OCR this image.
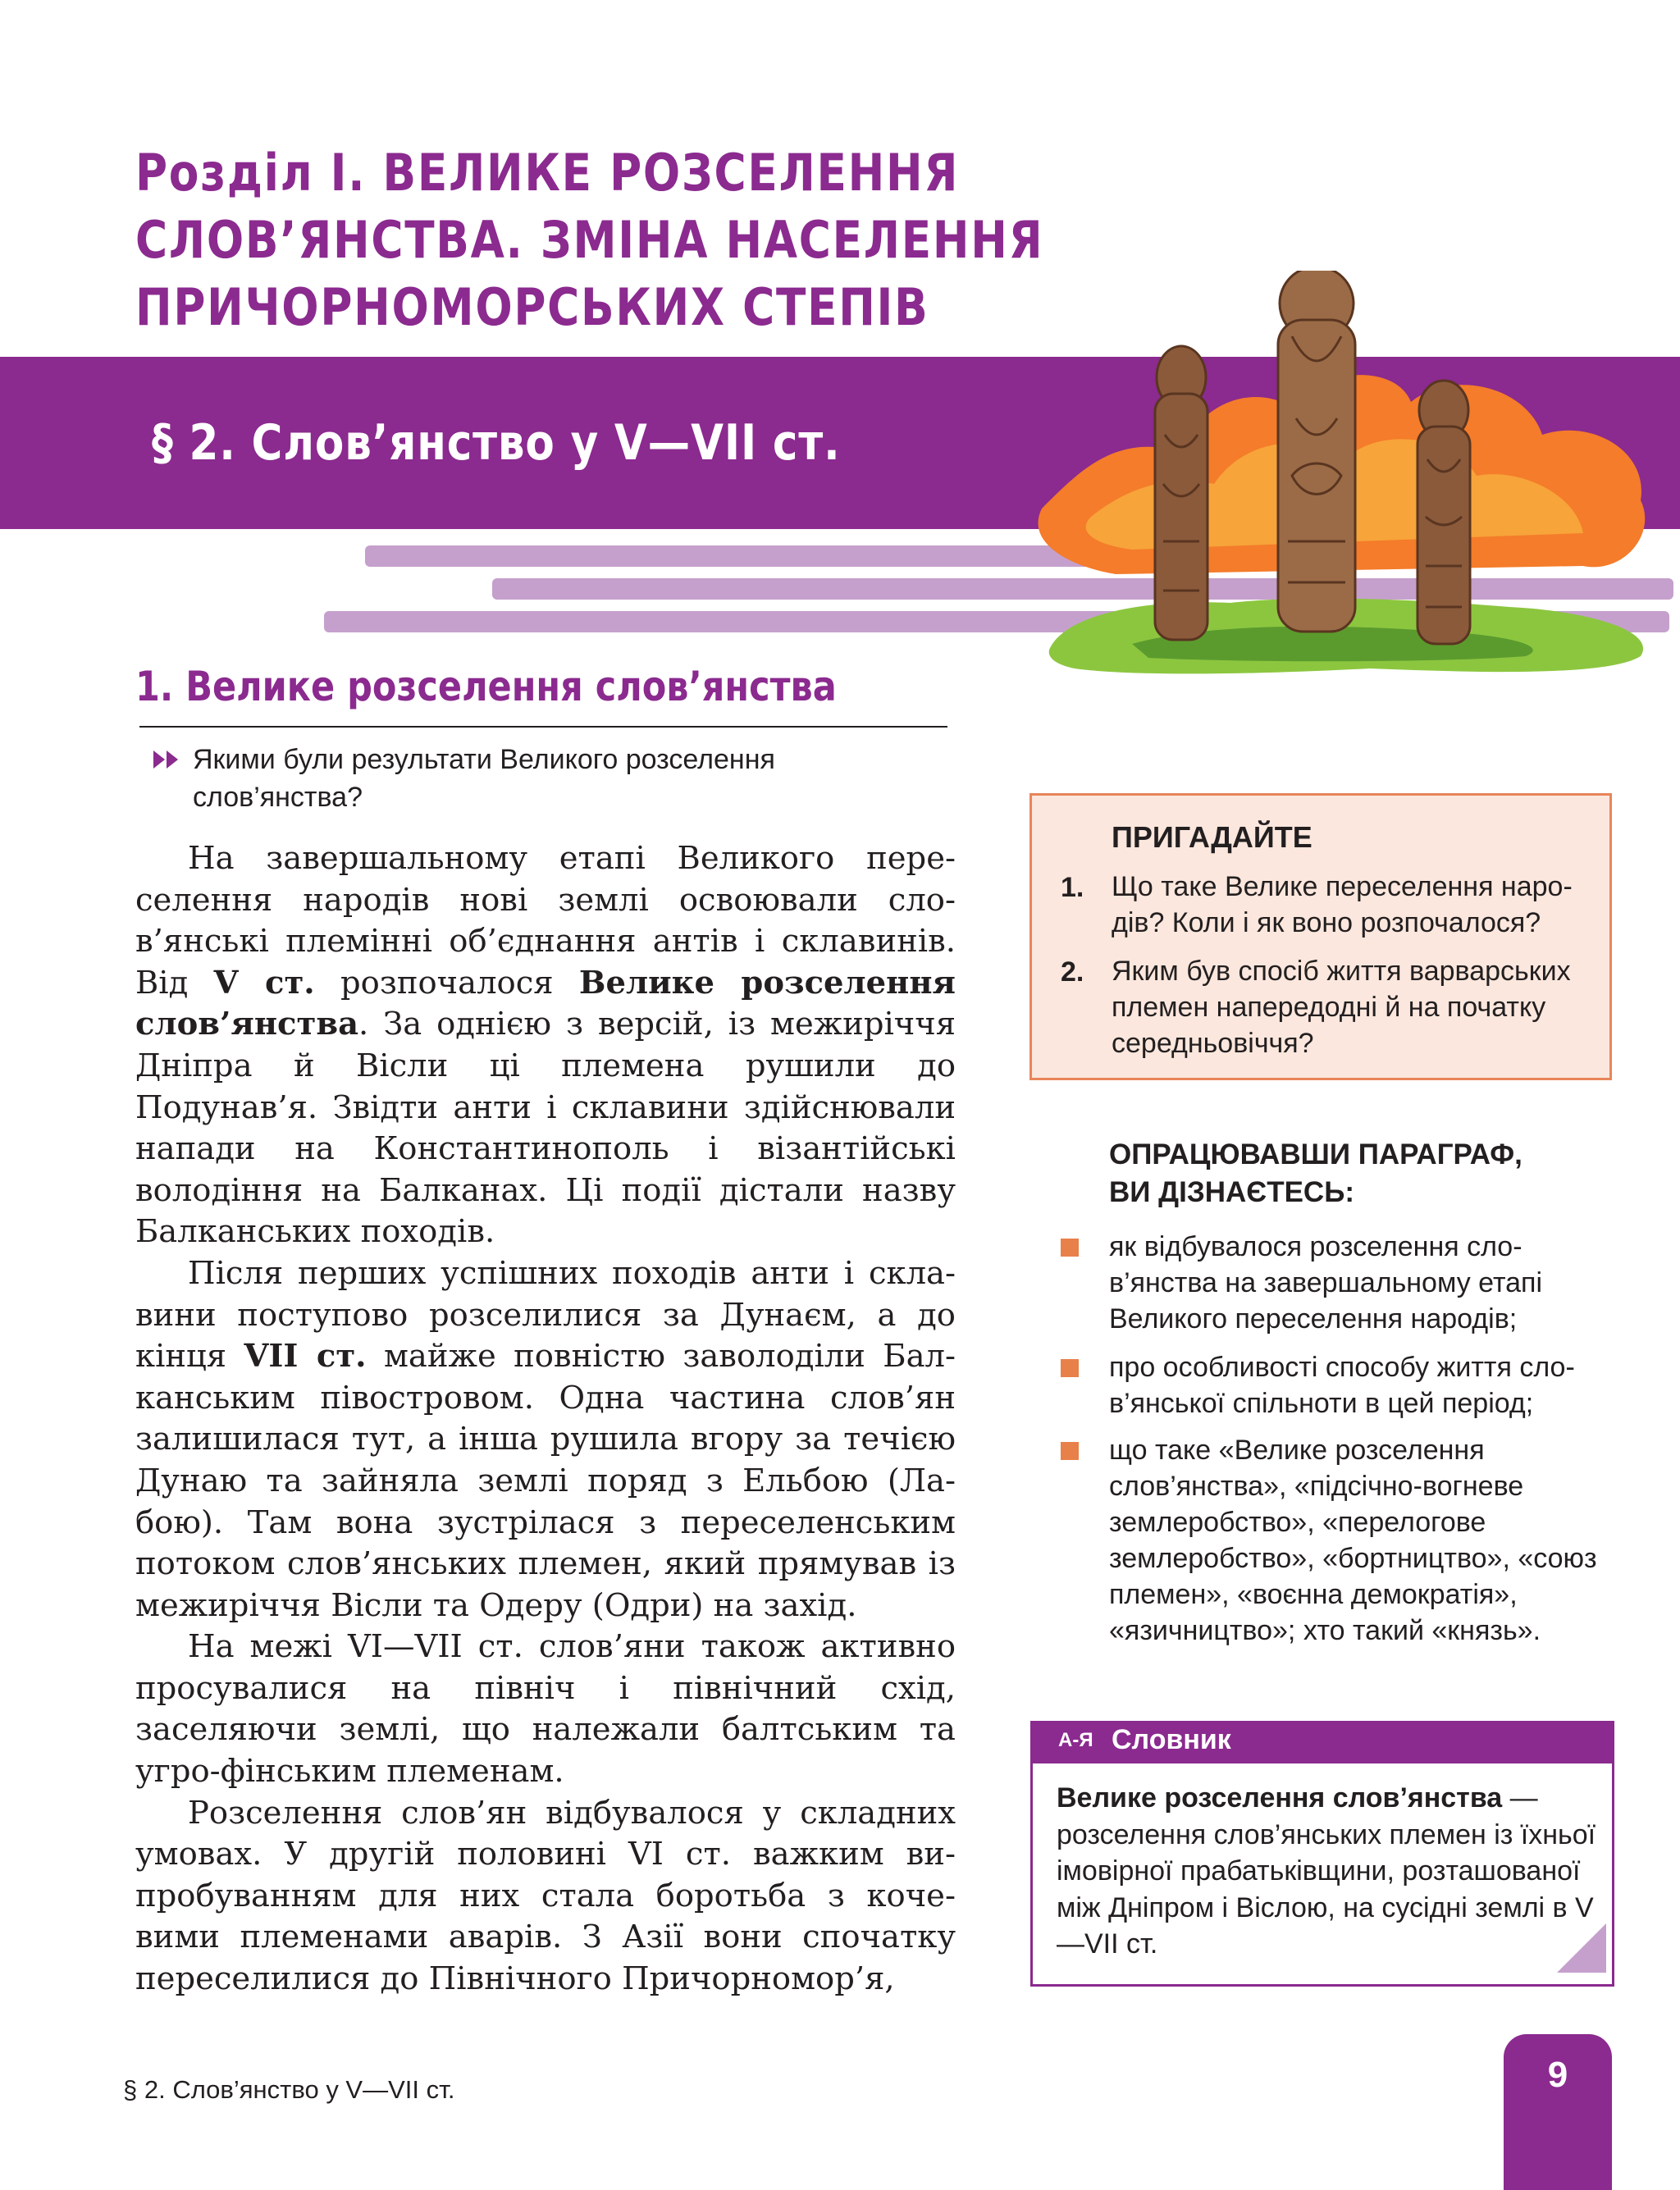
Розділ I. ВЕЛИКЕ РОЗСЕЛЕННЯ
СЛОВ’ЯНСТВА. ЗМІНА НАСЕЛЕННЯ
ПРИЧОРНОМОРСЬКИХ СТЕПІВ
§ 2. Слов’янство у V—VII ст.
1. Велике розселення слов’янства
Якими були результати Великого розселення
слов’янства?

На завершальному етапі Великого переселення народів нові землі освоювали слов’янські племінні об’єднання антів і склавинів. Від V ст. розпочалося Велике розселення слов’янства. За однією з версій, із межиріччя Дніпра й Вісли ці племена рушили до Подунав’я. Звідти анти і склавини здійснювали напади на Константинополь і візантійські володіння на Балканах. Ці події дістали назву Балканських походів.

Після перших успішних походів анти і склавини поступово розселилися за Дунаєм, а до кінця VII ст. майже повністю заволоділи Балканським півостровом. Одна частина слов’ян залишилася тут, а інша рушила вгору за течією Дунаю та зайняла землі поряд з Ельбою (Лабою). Там вона зустрілася з переселенським потоком слов’янських племен, який прямував із межиріччя Вісли та Одеру (Одри) на захід.

На межі VI—VII ст. слов’яни також активно просувалися на північ і північний схід, заселяючи землі, що належали балтським та угро-фінським племенам.

Розселення слов’ян відбувалося у складних умовах. У другій половині VI ст. важким випробуванням для них стала боротьба з кочевими племенами аварів. З Азії вони спочатку переселилися до Північного Причорномор’я,

ПРИГАДАЙТЕ
1. Що таке Велике переселення народів? Коли і як воно розпочалося?
2. Яким був спосіб життя варварських племен напередодні й на початку середньовіччя?
ОПРАЦЮВАВШИ ПАРАГРАФ,
ВИ ДІЗНАЄТЕСЬ:
як відбувалося розселення слов’янства на завершальному етапі Великого переселення народів;
про особливості способу життя слов’янської спільноти в цей період;
що таке «Велике розселення слов’янства», «підсічно-вогневе землеробство», «перелогове землеробство», «бортництво», «союз племен», «воєнна демократія», «язичництво»; хто такий «князь».
А-Я Словник
Велике розселення слов’янства — розселення слов’янських племен із їхньої імовірної прабатьківщини, розташованої між Дніпром і Віслою, на сусідні землі в V—VII ст.
§ 2. Слов’янство у V—VII ст.	9
